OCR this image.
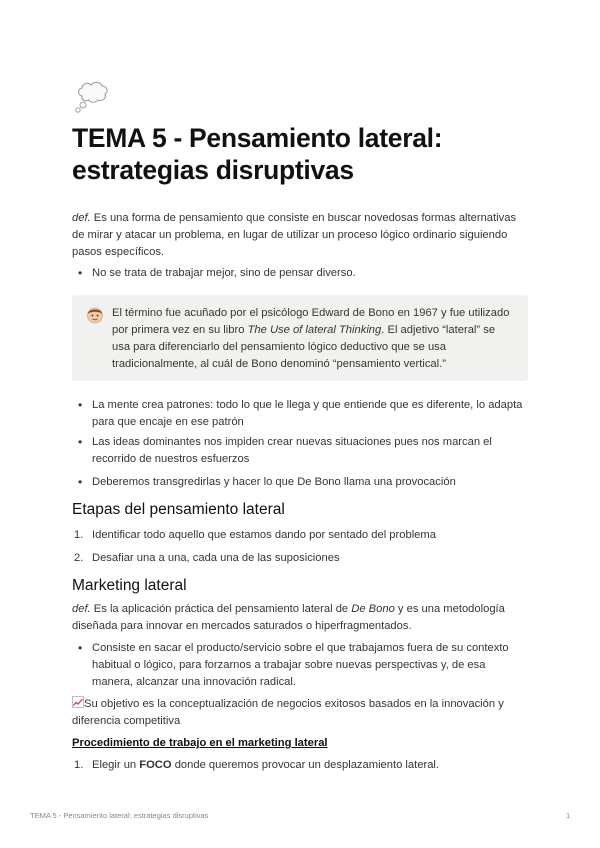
TEMA 5 - Pensamiento lateral: estrategias disruptivas
def. Es una forma de pensamiento que consiste en buscar novedosas formas alternativas de mirar y atacar un problema, en lugar de utilizar un proceso lógico ordinario siguiendo pasos específicos.
• No se trata de trabajar mejor, sino de pensar diverso.
El término fue acuñado por el psicólogo Edward de Bono en 1967 y fue utilizado por primera vez en su libro The Use of lateral Thinking. El adjetivo “lateral” se usa para diferenciarlo del pensamiento lógico deductivo que se usa tradicionalmente, al cuál de Bono denominó “pensamiento vertical.”
• La mente crea patrones: todo lo que le llega y que entiende que es diferente, lo adapta para que encaje en ese patrón
• Las ideas dominantes nos impiden crear nuevas situaciones pues nos marcan el recorrido de nuestros esfuerzos
• Deberemos transgredirlas y hacer lo que De Bono llama una provocación
Etapas del pensamiento lateral
1. Identificar todo aquello que estamos dando por sentado del problema
2. Desafiar una a una, cada una de las suposiciones
Marketing lateral
def. Es la aplicación práctica del pensamiento lateral de De Bono y es una metodología diseñada para innovar en mercados saturados o hiperfragmentados.
• Consiste en sacar el producto/servicio sobre el que trabajamos fuera de su contexto habitual o lógico, para forzarnos a trabajar sobre nuevas perspectivas y, de esa manera, alcanzar una innovación radical.
Su objetivo es la conceptualización de negocios exitosos basados en la innovación y diferencia competitiva
Procedimiento de trabajo en el marketing lateral
1. Elegir un FOCO donde queremos provocar un desplazamiento lateral.
TEMA 5 - Pensamiento lateral: estrategias disruptivas	1
